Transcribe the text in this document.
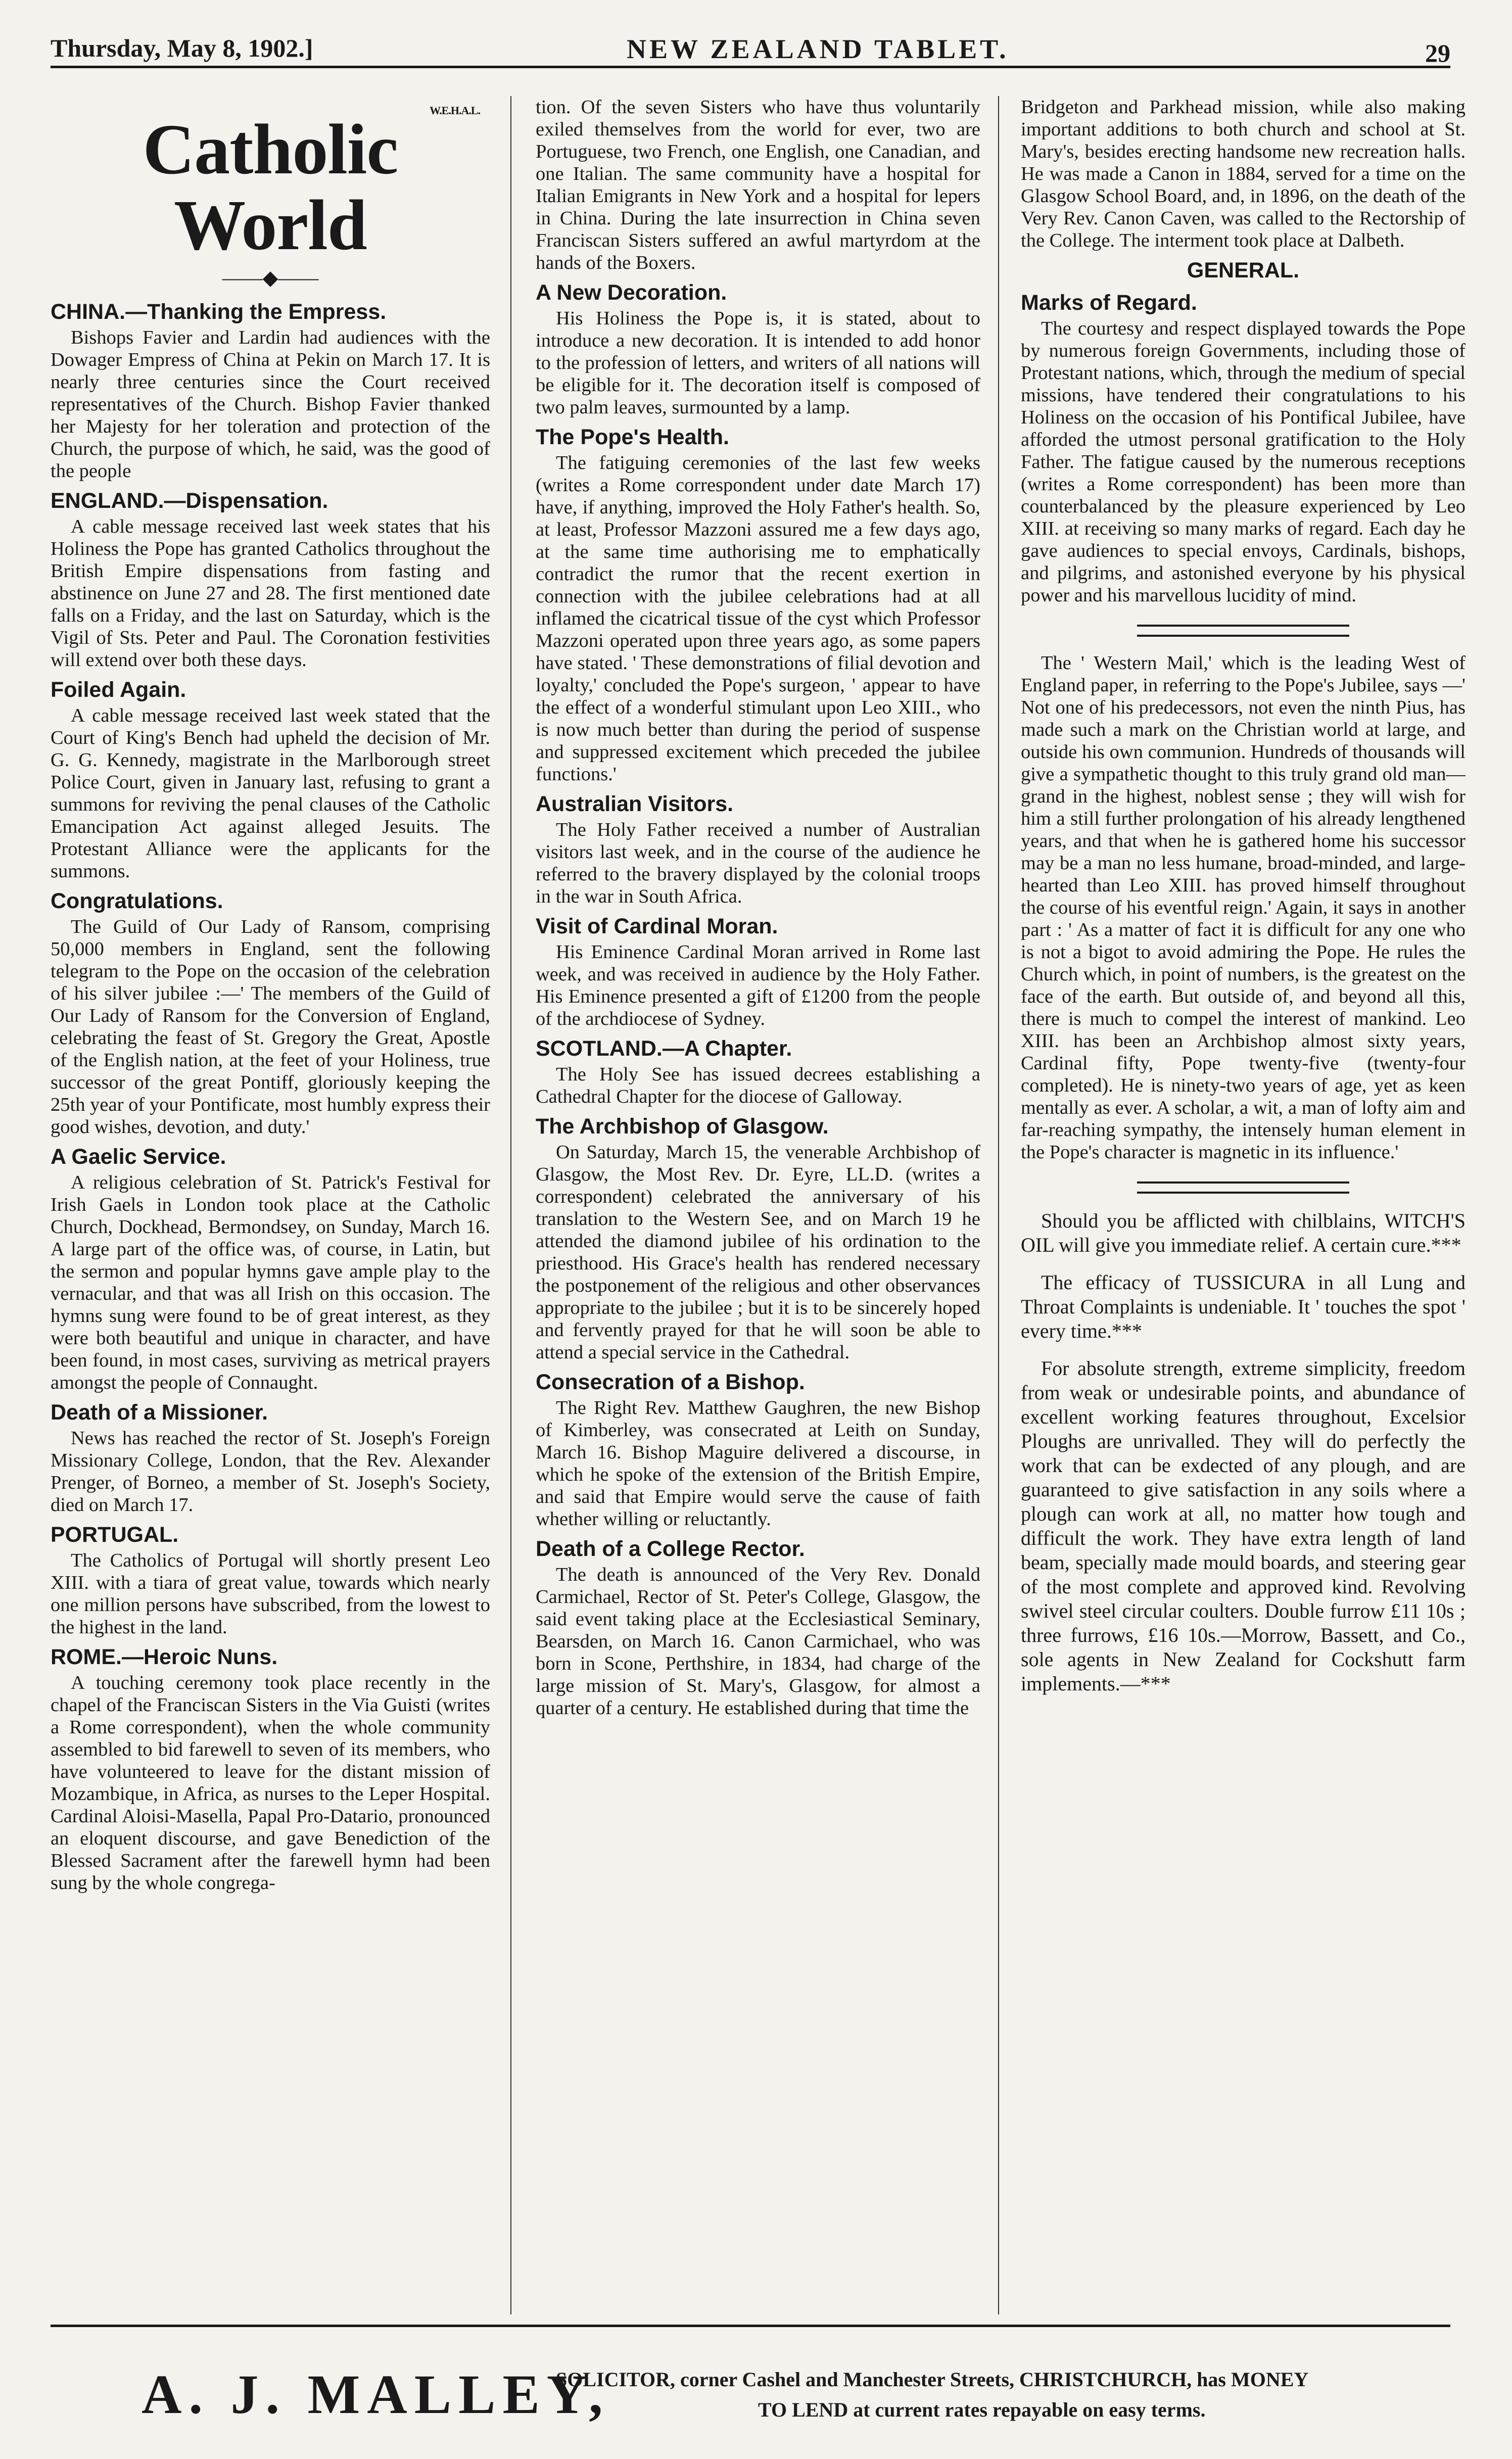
Thursday, May 8, 1902.]	NEW ZEALAND TABLET.	29
Catholic World
W.E.H.A.L.
——◆——
CHINA.—Thanking the Empress.

Bishops Favier and Lardin had audiences with the Dowager Empress of China at Pekin on March 17. It is nearly three centuries since the Court received representatives of the Church. Bishop Favier thanked her Majesty for her toleration and protection of the Church, the purpose of which, he said, was the good of the people

ENGLAND.—Dispensation.

A cable message received last week states that his Holiness the Pope has granted Catholics throughout the British Empire dispensations from fasting and abstinence on June 27 and 28. The first mentioned date falls on a Friday, and the last on Saturday, which is the Vigil of Sts. Peter and Paul. The Coronation festivities will extend over both these days.

Foiled Again.

A cable message received last week stated that the Court of King's Bench had upheld the decision of Mr. G. G. Kennedy, magistrate in the Marlborough street Police Court, given in January last, refusing to grant a summons for reviving the penal clauses of the Catholic Emancipation Act against alleged Jesuits. The Protestant Alliance were the applicants for the summons.

Congratulations.

The Guild of Our Lady of Ransom, comprising 50,000 members in England, sent the following telegram to the Pope on the occasion of the celebration of his silver jubilee :—' The members of the Guild of Our Lady of Ransom for the Conversion of England, celebrating the feast of St. Gregory the Great, Apostle of the English nation, at the feet of your Holiness, true successor of the great Pontiff, gloriously keeping the 25th year of your Pontificate, most humbly express their good wishes, devotion, and duty.'

A Gaelic Service.

A religious celebration of St. Patrick's Festival for Irish Gaels in London took place at the Catholic Church, Dockhead, Bermondsey, on Sunday, March 16. A large part of the office was, of course, in Latin, but the sermon and popular hymns gave ample play to the vernacular, and that was all Irish on this occasion. The hymns sung were found to be of great interest, as they were both beautiful and unique in character, and have been found, in most cases, surviving as metrical prayers amongst the people of Connaught.

Death of a Missioner.

News has reached the rector of St. Joseph's Foreign Missionary College, London, that the Rev. Alexander Prenger, of Borneo, a member of St. Joseph's Society, died on March 17.

PORTUGAL.

The Catholics of Portugal will shortly present Leo XIII. with a tiara of great value, towards which nearly one million persons have subscribed, from the lowest to the highest in the land.

ROME.—Heroic Nuns.

A touching ceremony took place recently in the chapel of the Franciscan Sisters in the Via Guisti (writes a Rome correspondent), when the whole community assembled to bid farewell to seven of its members, who have volunteered to leave for the distant mission of Mozambique, in Africa, as nurses to the Leper Hospital. Cardinal Aloisi-Masella, Papal Pro-Datario, pronounced an eloquent discourse, and gave Benediction of the Blessed Sacrament after the farewell hymn had been sung by the whole congrega-

tion. Of the seven Sisters who have thus voluntarily exiled themselves from the world for ever, two are Portuguese, two French, one English, one Canadian, and one Italian. The same community have a hospital for Italian Emigrants in New York and a hospital for lepers in China. During the late insurrection in China seven Franciscan Sisters suffered an awful martyrdom at the hands of the Boxers.

A New Decoration.

His Holiness the Pope is, it is stated, about to introduce a new decoration. It is intended to add honor to the profession of letters, and writers of all nations will be eligible for it. The decoration itself is composed of two palm leaves, surmounted by a lamp.

The Pope's Health.

The fatiguing ceremonies of the last few weeks (writes a Rome correspondent under date March 17) have, if anything, improved the Holy Father's health. So, at least, Professor Mazzoni assured me a few days ago, at the same time authorising me to emphatically contradict the rumor that the recent exertion in connection with the jubilee celebrations had at all inflamed the cicatrical tissue of the cyst which Professor Mazzoni operated upon three years ago, as some papers have stated. ' These demonstrations of filial devotion and loyalty,' concluded the Pope's surgeon, ' appear to have the effect of a wonderful stimulant upon Leo XIII., who is now much better than during the period of suspense and suppressed excitement which preceded the jubilee functions.'

Australian Visitors.

The Holy Father received a number of Australian visitors last week, and in the course of the audience he referred to the bravery displayed by the colonial troops in the war in South Africa.

Visit of Cardinal Moran.

His Eminence Cardinal Moran arrived in Rome last week, and was received in audience by the Holy Father. His Eminence presented a gift of £1200 from the people of the archdiocese of Sydney.

SCOTLAND.—A Chapter.

The Holy See has issued decrees establishing a Cathedral Chapter for the diocese of Galloway.

The Archbishop of Glasgow.

On Saturday, March 15, the venerable Archbishop of Glasgow, the Most Rev. Dr. Eyre, LL.D. (writes a correspondent) celebrated the anniversary of his translation to the Western See, and on March 19 he attended the diamond jubilee of his ordination to the priesthood. His Grace's health has rendered necessary the postponement of the religious and other observances appropriate to the jubilee ; but it is to be sincerely hoped and fervently prayed for that he will soon be able to attend a special service in the Cathedral.

Consecration of a Bishop.

The Right Rev. Matthew Gaughren, the new Bishop of Kimberley, was consecrated at Leith on Sunday, March 16. Bishop Maguire delivered a discourse, in which he spoke of the extension of the British Empire, and said that Empire would serve the cause of faith whether willing or reluctantly.

Death of a College Rector.

The death is announced of the Very Rev. Donald Carmichael, Rector of St. Peter's College, Glasgow, the said event taking place at the Ecclesiastical Seminary, Bearsden, on March 16. Canon Carmichael, who was born in Scone, Perthshire, in 1834, had charge of the large mission of St. Mary's, Glasgow, for almost a quarter of a century. He established during that time the

Bridgeton and Parkhead mission, while also making important additions to both church and school at St. Mary's, besides erecting handsome new recreation halls. He was made a Canon in 1884, served for a time on the Glasgow School Board, and, in 1896, on the death of the Very Rev. Canon Caven, was called to the Rectorship of the College. The interment took place at Dalbeth.

GENERAL.
Marks of Regard.

The courtesy and respect displayed towards the Pope by numerous foreign Governments, including those of Protestant nations, which, through the medium of special missions, have tendered their congratulations to his Holiness on the occasion of his Pontifical Jubilee, have afforded the utmost personal gratification to the Holy Father. The fatigue caused by the numerous receptions (writes a Rome correspondent) has been more than counterbalanced by the pleasure experienced by Leo XIII. at receiving so many marks of regard. Each day he gave audiences to special envoys, Cardinals, bishops, and pilgrims, and astonished everyone by his physical power and his marvellous lucidity of mind.

The ' Western Mail,' which is the leading West of England paper, in referring to the Pope's Jubilee, says —' Not one of his predecessors, not even the ninth Pius, has made such a mark on the Christian world at large, and outside his own communion. Hundreds of thousands will give a sympathetic thought to this truly grand old man—grand in the highest, noblest sense ; they will wish for him a still further prolongation of his already lengthened years, and that when he is gathered home his successor may be a man no less humane, broad-minded, and large-hearted than Leo XIII. has proved himself throughout the course of his eventful reign.' Again, it says in another part : ' As a matter of fact it is difficult for any one who is not a bigot to avoid admiring the Pope. He rules the Church which, in point of numbers, is the greatest on the face of the earth. But outside of, and beyond all this, there is much to compel the interest of mankind. Leo XIII. has been an Archbishop almost sixty years, Cardinal fifty, Pope twenty-five (twenty-four completed). He is ninety-two years of age, yet as keen mentally as ever. A scholar, a wit, a man of lofty aim and far-reaching sympathy, the intensely human element in the Pope's character is magnetic in its influence.'

Should you be afflicted with chilblains, WITCH'S OIL will give you immediate relief. A certain cure.***
The efficacy of TUSSICURA in all Lung and Throat Complaints is undeniable. It ' touches the spot ' every time.***
For absolute strength, extreme simplicity, freedom from weak or undesirable points, and abundance of excellent working features throughout, Excelsior Ploughs are unrivalled. They will do perfectly the work that can be exdected of any plough, and are guaranteed to give satisfaction in any soils where a plough can work at all, no matter how tough and difficult the work. They have extra length of land beam, specially made mould boards, and steering gear of the most complete and approved kind. Revolving swivel steel circular coulters. Double furrow £11 10s ; three furrows, £16 10s.—Morrow, Bassett, and Co., sole agents in New Zealand for Cockshutt farm implements.—***
A. J. MALLEY,
SOLICITOR, corner Cashel and Manchester Streets, CHRISTCHURCH, has MONEY
TO LEND at current rates repayable on easy terms.
